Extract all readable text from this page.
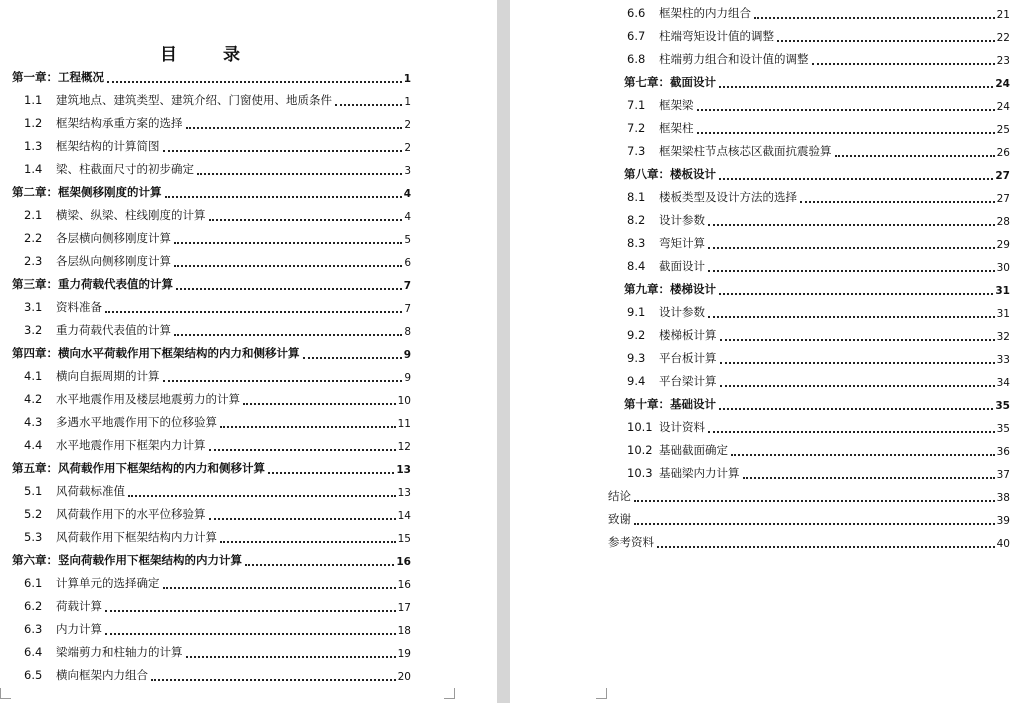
目 录
第一章：工程概况	1
1.1 建筑地点、建筑类型、建筑介绍、门窗使用、地质条件	1
1.2 框架结构承重方案的选择	2
1.3 框架结构的计算简图	2
1.4 梁、柱截面尺寸的初步确定	3
第二章：框架侧移刚度的计算	4
2.1 横梁、纵梁、柱线刚度的计算	4
2.2 各层横向侧移刚度计算	5
2.3 各层纵向侧移刚度计算	6
第三章：重力荷载代表值的计算	7
3.1 资料准备	7
3.2 重力荷载代表值的计算	8
第四章：横向水平荷载作用下框架结构的内力和侧移计算	9
4.1 横向自振周期的计算	9
4.2 水平地震作用及楼层地震剪力的计算	10
4.3 多遇水平地震作用下的位移验算	11
4.4 水平地震作用下框架内力计算	12
第五章：风荷载作用下框架结构的内力和侧移计算	13
5.1 风荷载标准值	13
5.2 风荷载作用下的水平位移验算	14
5.3 风荷载作用下框架结构内力计算	15
第六章：竖向荷载作用下框架结构的内力计算	16
6.1 计算单元的选择确定	16
6.2 荷载计算	17
6.3 内力计算	18
6.4 梁端剪力和柱轴力的计算	19
6.5 横向框架内力组合	20
6.6 框架柱的内力组合	21
6.7 柱端弯矩设计值的调整	22
6.8 柱端剪力组合和设计值的调整	23
第七章：截面设计	24
7.1 框架梁	24
7.2 框架柱	25
7.3 框架梁柱节点核芯区截面抗震验算	26
第八章：楼板设计	27
8.1 楼板类型及设计方法的选择	27
8.2 设计参数	28
8.3 弯矩计算	29
8.4 截面设计	30
第九章：楼梯设计	31
9.1 设计参数	31
9.2 楼梯板计算	32
9.3 平台板计算	33
9.4 平台梁计算	34
第十章：基础设计	35
10.1 设计资料	35
10.2 基础截面确定	36
10.3 基础梁内力计算	37
结论	38
致谢	39
参考资料	40
